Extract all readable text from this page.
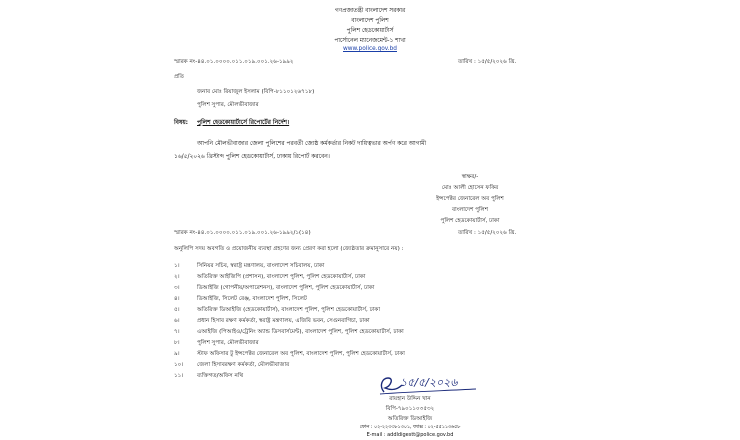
গণপ্রজাতন্ত্রী বাংলাদেশ সরকার
বাংলাদেশ পুলিশ
পুলিশ হেডকোয়ার্টার্স
পার্সোনেল ম্যানেজমেন্ট-১ শাখা
www.police.gov.bd
স্মারক নং-৪৪.০১.০০০০.০১১.০১৯.০০১.২৬-১৯৯২	তারিখ : ১৫/৫/২০২৬ খ্রি.
প্রতি
জনাব মোঃ রিয়াজুল ইসলাম (বিপি-৮১১০১২৬৭১৮)
পুলিশ সুপার, মৌলভীবাজার
বিষয়: পুলিশ হেডকোয়ার্টার্সে রিপোর্টের নির্দেশ।
আপনি মৌলভীবাজার জেলা পুলিশের পরবর্তী জ্যেষ্ঠ কর্মকর্তার নিকট দায়িত্বভার অর্পণ করে আগামী
১৬/৫/২০২৬ খ্রিস্টাব্দ পুলিশ হেডকোয়ার্টার্স, ঢাকায় রিপোর্ট করবেন।
স্বাক্ষর/-
মোঃ আলী হোসেন ফকির
ইন্সপেক্টর জেনারেল অব পুলিশ
বাংলাদেশ পুলিশ
পুলিশ হেডকোয়ার্টার্স, ঢাকা
স্মারক নং-৪৪.০১.০০০০.০১১.০১৯.০০১.২৬-১৯৯২/১(১৪)	তারিখ : ১৫/৫/২০২৬ খ্রি.
অনুলিপি সদয় অবগতি ও প্রয়োজনীয় ব্যবস্থা গ্রহণের জন্য প্রেরণ করা হলো (জ্যেষ্ঠতার ক্রমানুসারে নয়) :
১।	সিনিয়র সচিব, স্বরাষ্ট্র মন্ত্রণালয়, বাংলাদেশ সচিবালয়, ঢাকা
২।	অতিরিক্ত আইজিপি (প্রশাসন), বাংলাদেশ পুলিশ, পুলিশ হেডকোয়ার্টার্স, ঢাকা
৩।	ডিআইজি (গোপনীয়/অপারেশনস), বাংলাদেশ পুলিশ, পুলিশ হেডকোয়ার্টার্স, ঢাকা
৪।	ডিআইজি, সিলেট রেঞ্জ, বাংলাদেশ পুলিশ, সিলেট
৫।	অতিরিক্ত ডিআইজি (হেডকোয়ার্টার্স), বাংলাদেশ পুলিশ, পুলিশ হেডকোয়ার্টার্স, ঢাকা
৬।	প্রধান হিসাব রক্ষণ কর্মকর্তা, স্বরাষ্ট্র মন্ত্রণালয়, এজিবি ভবন, সেগুনবাগিচা, ঢাকা
৭।	এআইজি (পিআইও/ট্রেনিং অ্যান্ড ডিসবার্সমেন্ট), বাংলাদেশ পুলিশ, পুলিশ হেডকোয়ার্টার্স, ঢাকা
৮।	পুলিশ সুপার, মৌলভীবাজার
৯।	স্টাফ অফিসার টু ইন্সপেক্টর জেনারেল অব পুলিশ, বাংলাদেশ পুলিশ, পুলিশ হেডকোয়ার্টার্স, ঢাকা
১০। জেলা হিসাবরক্ষণ কর্মকর্তা, মৌলভীবাজার
১১। ব্যক্তিগত/অফিস নথি	১৫/৫/২০২৬
রায়হান উদ্দিন খান
বিপি-৭৯০১১০৩৫৩২
অতিরিক্ত ডিআইজি
ফোন : ০২-২২৩৩৮১৩০১, ফ্যাক্স : ০২-৫৫১১৩৬৫৮
E-mail : addldigestt@police.gov.bd
